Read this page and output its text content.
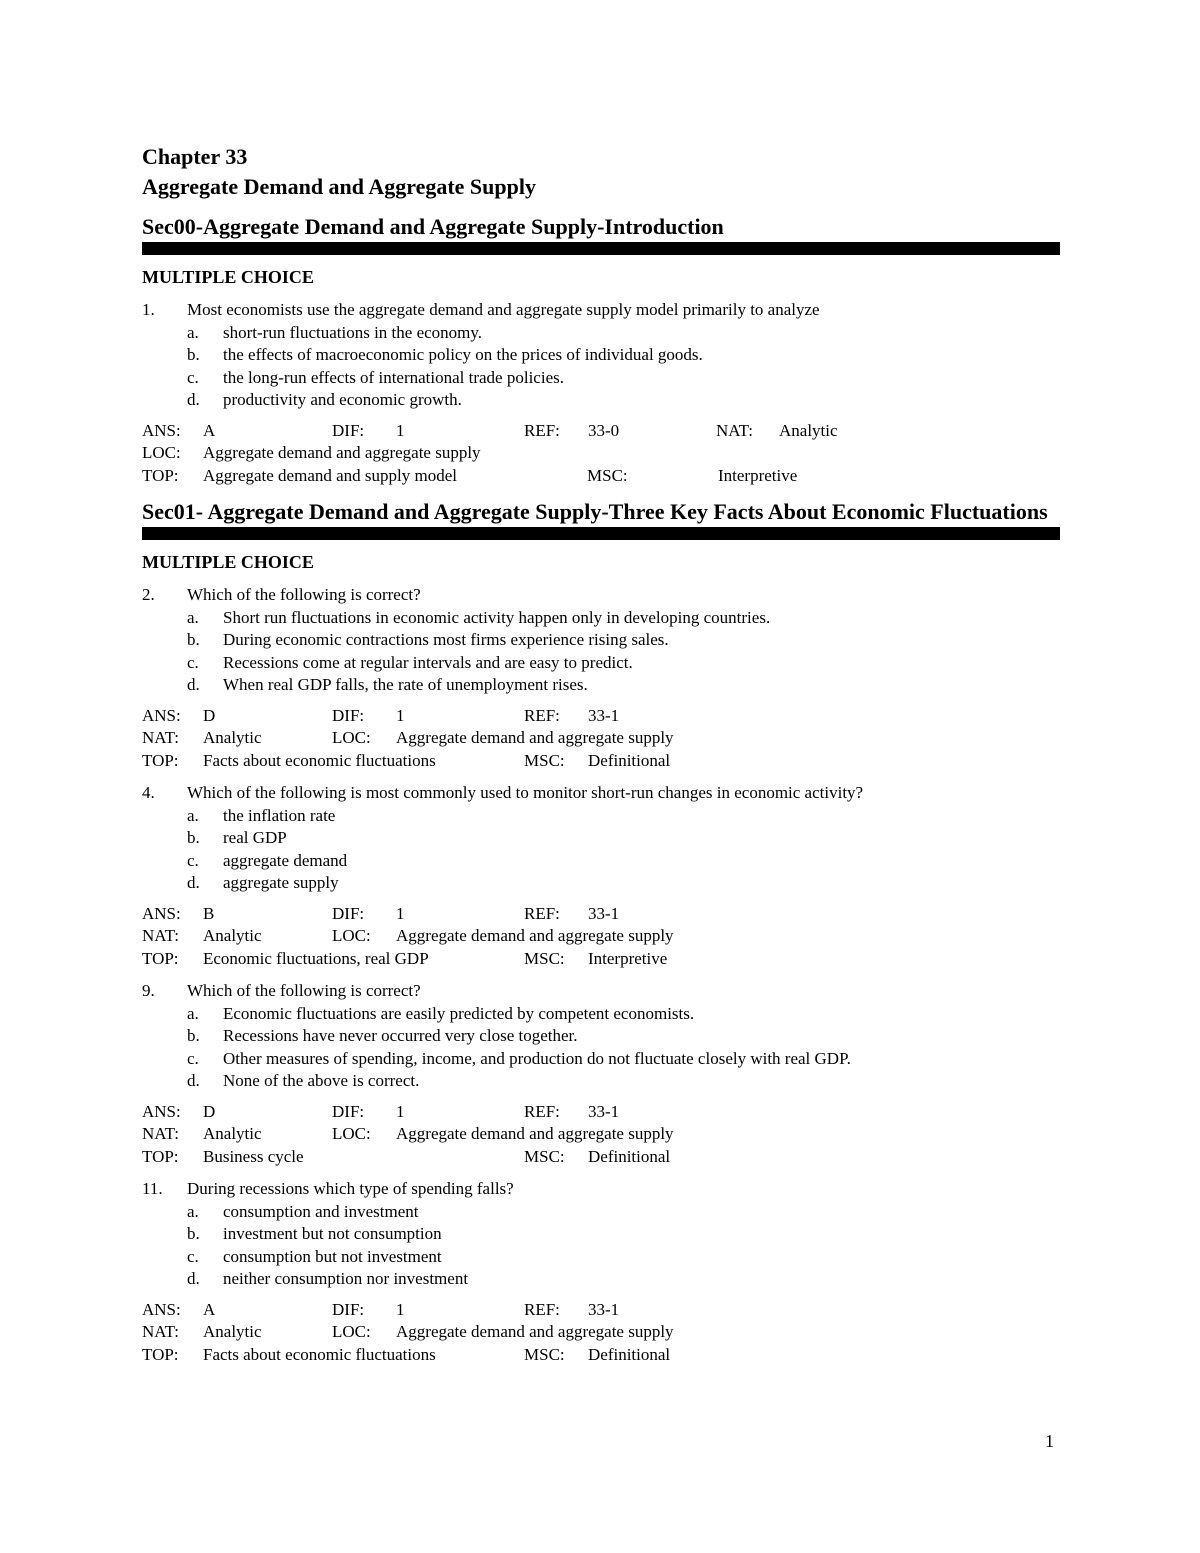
Chapter 33
Aggregate Demand and Aggregate Supply
Sec00-Aggregate Demand and Aggregate Supply-Introduction
MULTIPLE CHOICE
1.	Most economists use the aggregate demand and aggregate supply model primarily to analyze
a.	short-run fluctuations in the economy.
b.	the effects of macroeconomic policy on the prices of individual goods.
c.	the long-run effects of international trade policies.
d.	productivity and economic growth.
ANS: A	DIF: 1	REF: 33-0	NAT: Analytic
LOC: Aggregate demand and aggregate supply
TOP: Aggregate demand and supply model	MSC:	Interpretive
Sec01- Aggregate Demand and Aggregate Supply-Three Key Facts About Economic Fluctuations
MULTIPLE CHOICE
2.	Which of the following is correct?
a.	Short run fluctuations in economic activity happen only in developing countries.
b.	During economic contractions most firms experience rising sales.
c.	Recessions come at regular intervals and are easy to predict.
d.	When real GDP falls, the rate of unemployment rises.
ANS: D	DIF: 1	REF: 33-1
NAT: Analytic	LOC: Aggregate demand and aggregate supply
TOP: Facts about economic fluctuations	MSC: Definitional
4.	Which of the following is most commonly used to monitor short-run changes in economic activity?
a.	the inflation rate
b.	real GDP
c.	aggregate demand
d.	aggregate supply
ANS: B	DIF: 1	REF: 33-1
NAT: Analytic	LOC: Aggregate demand and aggregate supply
TOP: Economic fluctuations, real GDP	MSC: Interpretive
9.	Which of the following is correct?
a.	Economic fluctuations are easily predicted by competent economists.
b.	Recessions have never occurred very close together.
c.	Other measures of spending, income, and production do not fluctuate closely with real GDP.
d.	None of the above is correct.
ANS: D	DIF: 1	REF: 33-1
NAT: Analytic	LOC: Aggregate demand and aggregate supply
TOP: Business cycle	MSC: Definitional
11.	During recessions which type of spending falls?
a.	consumption and investment
b.	investment but not consumption
c.	consumption but not investment
d.	neither consumption nor investment
ANS: A	DIF: 1	REF: 33-1
NAT: Analytic	LOC: Aggregate demand and aggregate supply
TOP: Facts about economic fluctuations	MSC: Definitional
1
